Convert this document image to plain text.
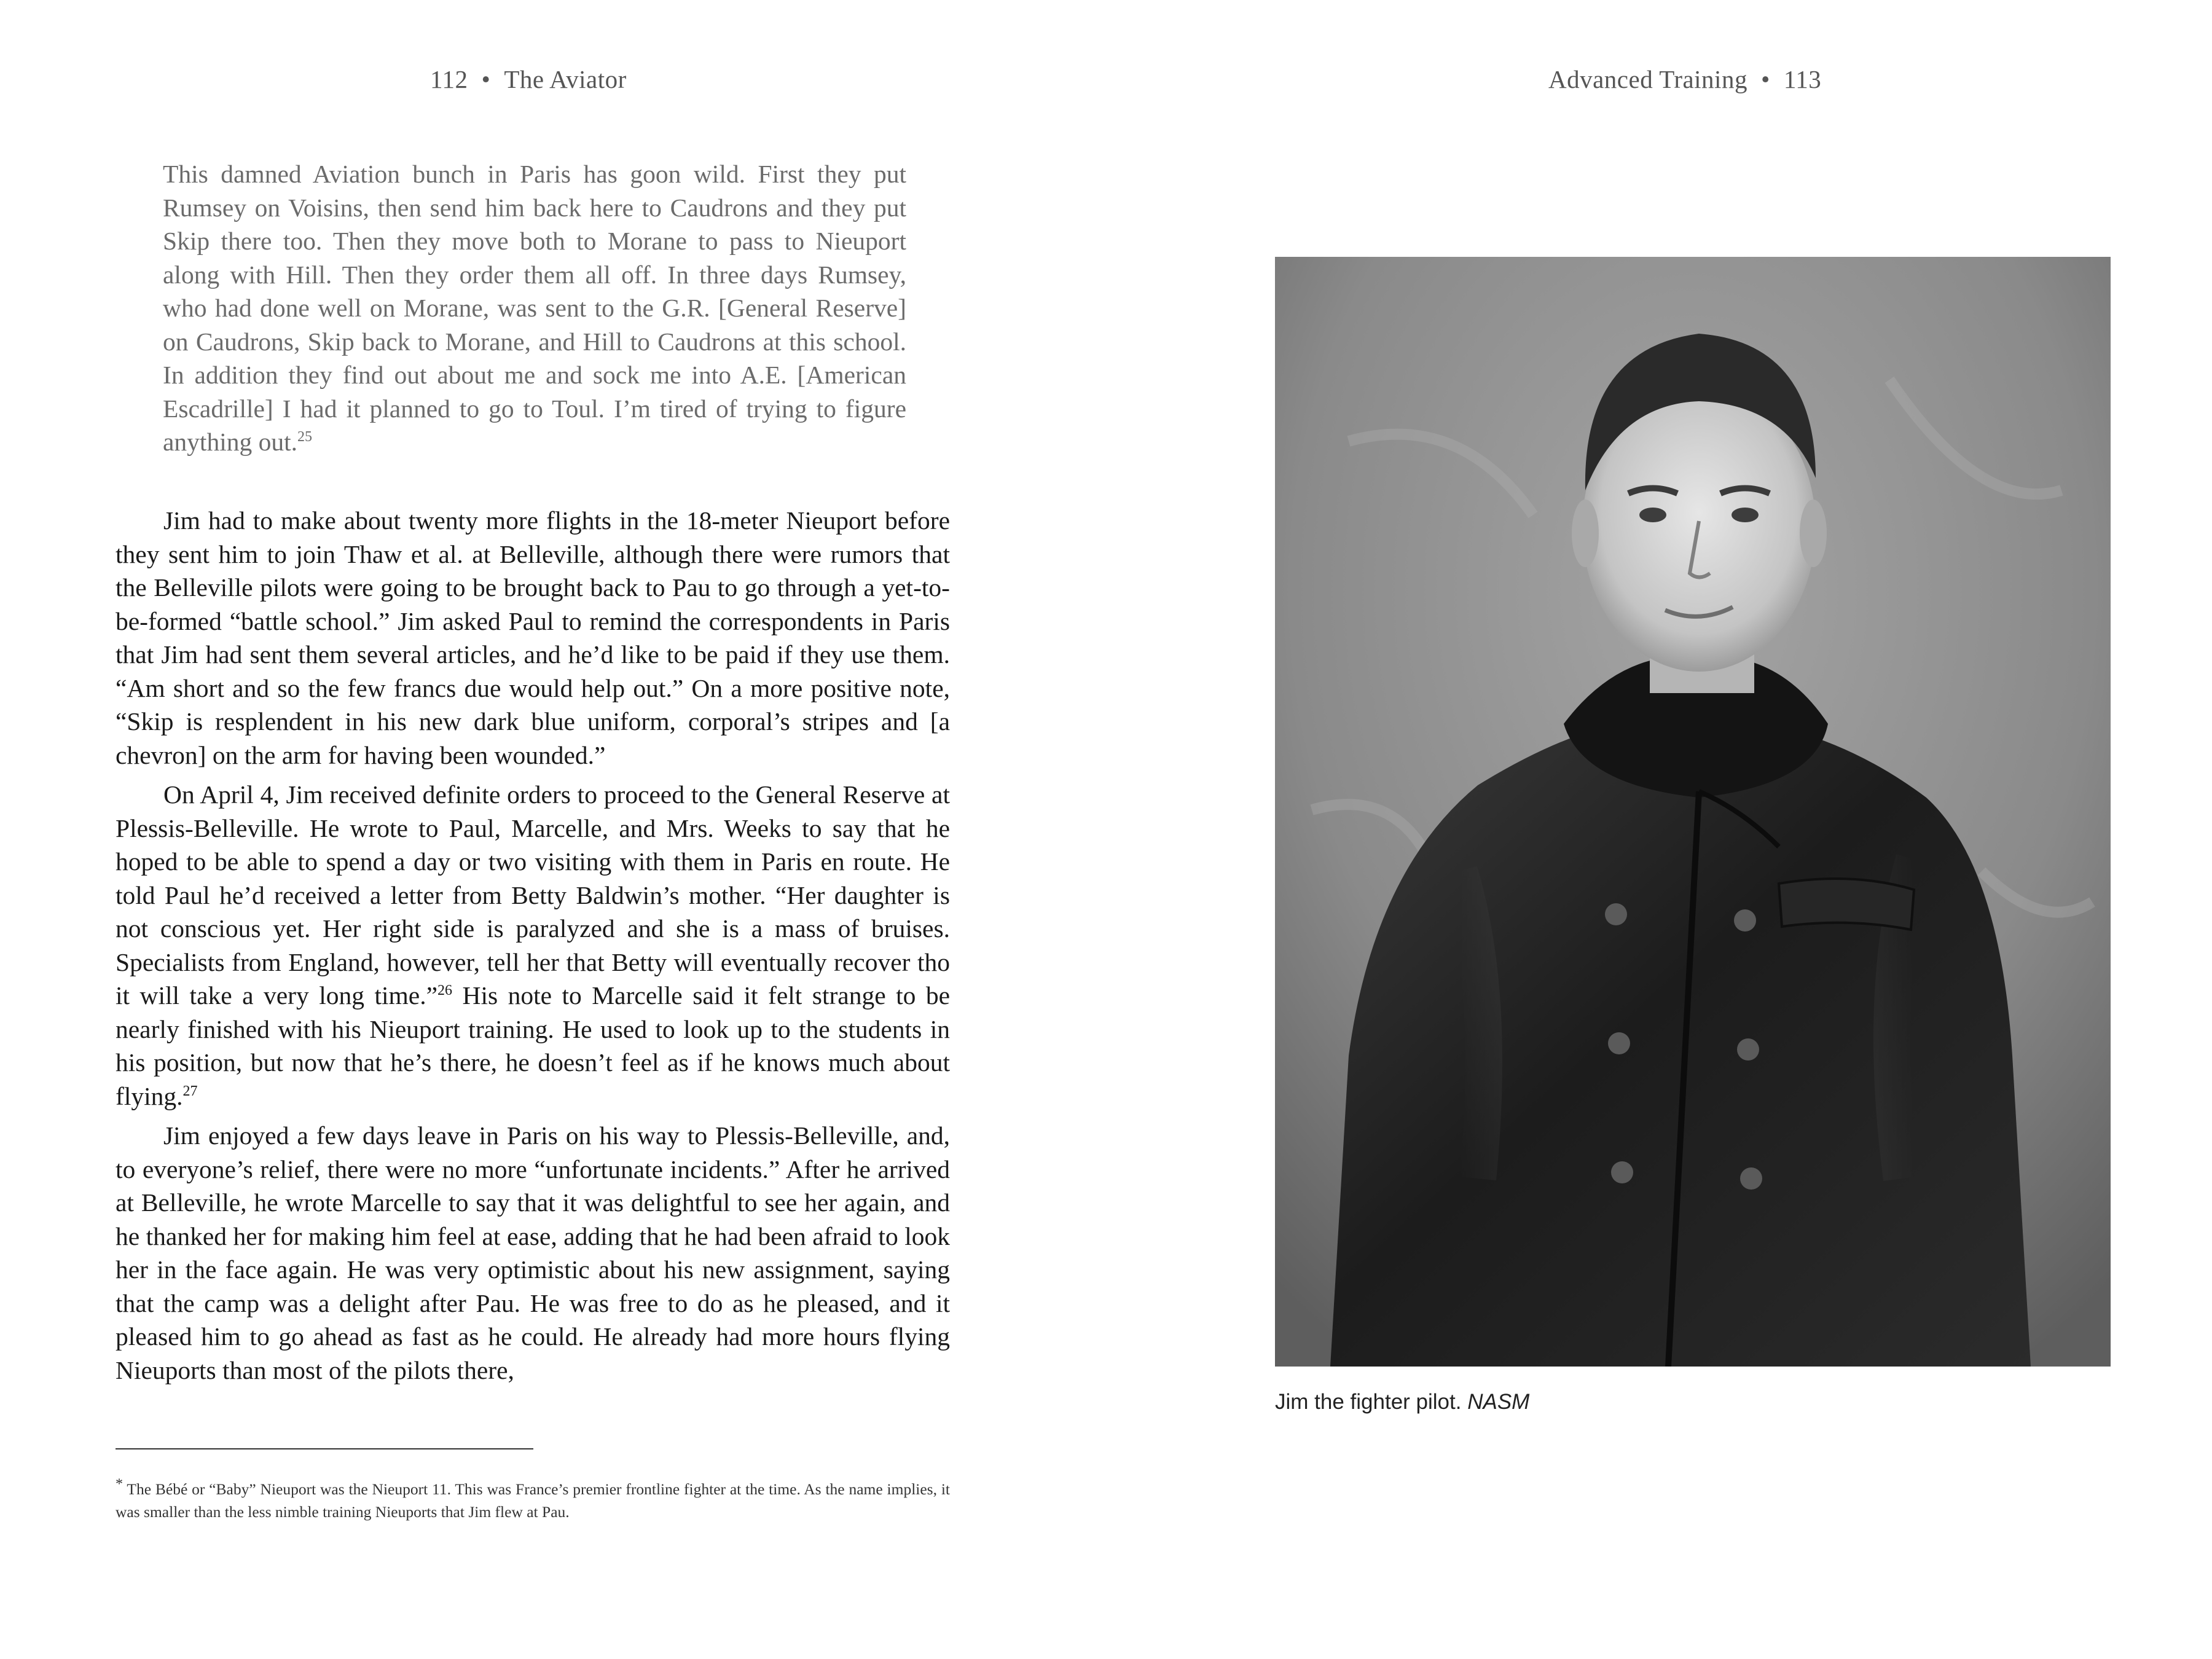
112 • The Aviator
This damned Aviation bunch in Paris has goon wild. First they put Rumsey on Voisins, then send him back here to Caudrons and they put Skip there too. Then they move both to Morane to pass to Nieuport along with Hill. Then they order them all off. In three days Rumsey, who had done well on Morane, was sent to the G.R. [General Reserve] on Caudrons, Skip back to Morane, and Hill to Caudrons at this school. In addition they find out about me and sock me into A.E. [American Escadrille] I had it planned to go to Toul. I’m tired of trying to figure anything out.$^{25}$

Jim had to make about twenty more flights in the 18-meter Nieuport before they sent him to join Thaw et al. at Belleville, although there were rumors that the Belleville pilots were going to be brought back to Pau to go through a yet-to-be-formed “battle school.” Jim asked Paul to remind the correspondents in Paris that Jim had sent them several articles, and he’d like to be paid if they use them. “Am short and so the few francs due would help out.” On a more positive note, “Skip is resplendent in his new dark blue uniform, corporal’s stripes and [a chevron] on the arm for having been wounded.”

On April 4, Jim received definite orders to proceed to the General Reserve at Plessis-Belleville. He wrote to Paul, Marcelle, and Mrs. Weeks to say that he hoped to be able to spend a day or two visiting with them in Paris en route. He told Paul he’d received a letter from Betty Baldwin’s mother. “Her daughter is not conscious yet. Her right side is paralyzed and she is a mass of bruises. Specialists from England, however, tell her that Betty will eventually recover tho it will take a very long time.”$^{26}$ His note to Marcelle said it felt strange to be nearly finished with his Nieuport training. He used to look up to the students in his position, but now that he’s there, he doesn’t feel as if he knows much about flying.$^{27}$

Jim enjoyed a few days leave in Paris on his way to Plessis-Belleville, and, to everyone’s relief, there were no more “unfortunate incidents.” After he arrived at Belleville, he wrote Marcelle to say that it was delightful to see her again, and he thanked her for making him feel at ease, adding that he had been afraid to look her in the face again. He was very optimistic about his new assignment, saying that the camp was a delight after Pau. He was free to do as he pleased, and it pleased him to go ahead as fast as he could. He already had more hours flying Nieuports than most of the pilots there,

* The Bébé or “Baby” Nieuport was the Nieuport 11. This was France’s premier frontline fighter at the time. As the name implies, it was smaller than the less nimble training Nieuports that Jim flew at Pau.
Advanced Training • 113
Jim the fighter pilot. NASM
